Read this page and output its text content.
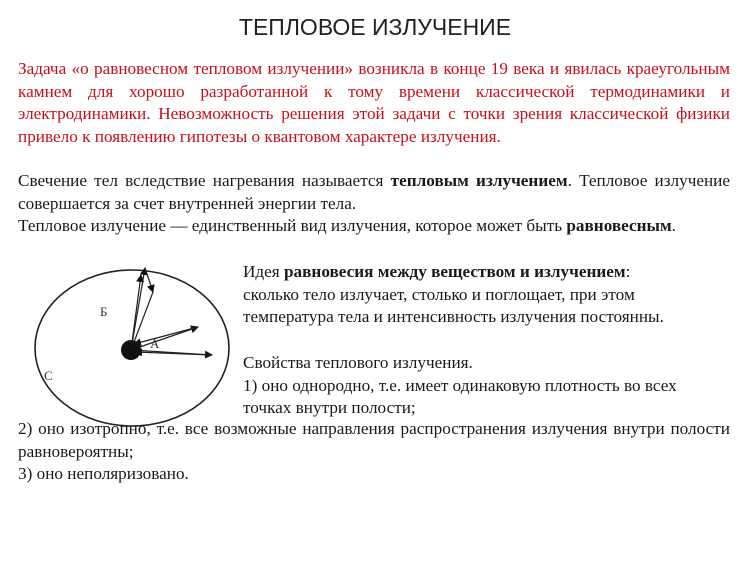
ТЕПЛОВОЕ ИЗЛУЧЕНИЕ
Задача «о равновесном тепловом излучении» возникла в конце 19 века и явилась краеугольным камнем для хорошо разработанной к тому времени классической термодинамики и электродинамики. Невозможность решения этой задачи с точки зрения классической физики привело к появлению гипотезы о квантовом характере излучения.
Свечение тел вследствие нагревания называется тепловым излучением. Тепловое излучение совершается за счет внутренней энергии тела.
Тепловое излучение — единственный вид излучения, которое может быть равновесным.
Б
А
С

Идея равновесия между веществом и излучением:

сколько тело излучает, столько и поглощает, при этом

температура тела и интенсивность излучения постоянны.

Свойства теплового излучения.

1) оно однородно, т.е. имеет одинаковую плотность во всех

точках внутри полости;

2) оно изотропно, т.е. все возможные направления распространения излучения внутри полости равновероятны;

3) оно неполяризовано.
